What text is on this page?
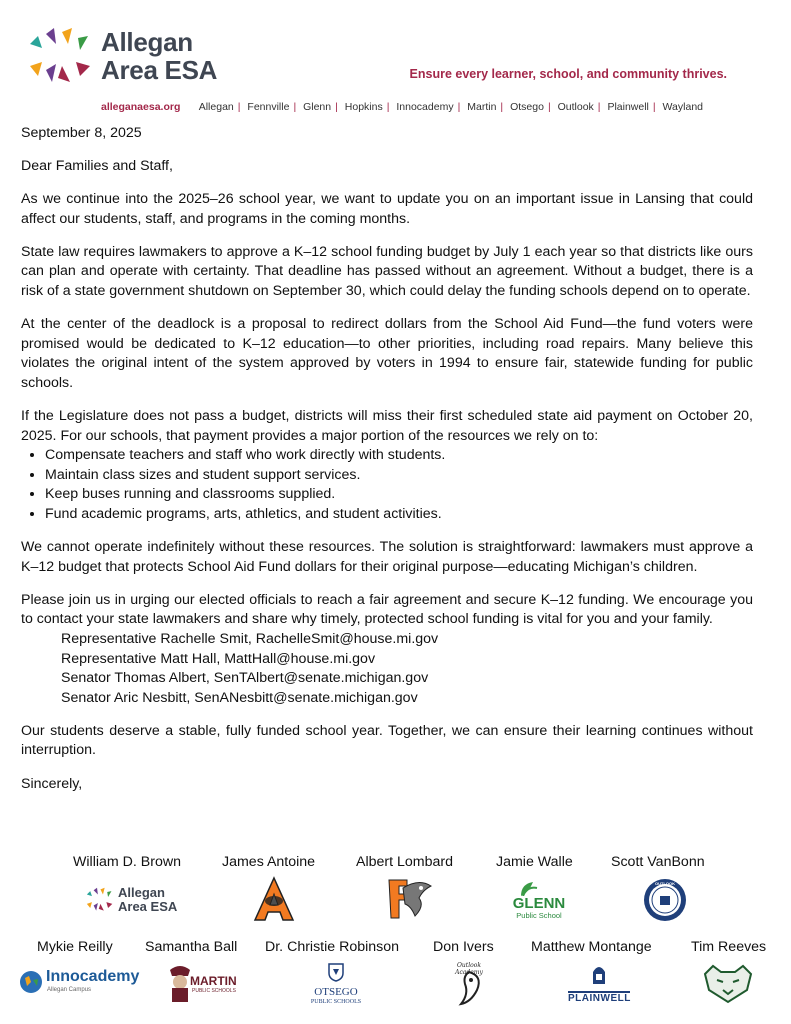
Allegan
Area ESA	Ensure every learner, school, and community thrives.
alleganaesa.org Allegan | Fennville | Glenn | Hopkins | Innocademy | Martin | Otsego | Outlook | Plainwell | Wayland

September 8, 2025

Dear Families and Staff,

As we continue into the 2025–26 school year, we want to update you on an important issue in Lansing that could affect our students, staff, and programs in the coming months.

State law requires lawmakers to approve a K–12 school funding budget by July 1 each year so that districts like ours can plan and operate with certainty. That deadline has passed without an agreement. Without a budget, there is a risk of a state government shutdown on September 30, which could delay the funding schools depend on to operate.

At the center of the deadlock is a proposal to redirect dollars from the School Aid Fund—the fund voters were promised would be dedicated to K–12 education—to other priorities, including road repairs. Many believe this violates the original intent of the system approved by voters in 1994 to ensure fair, statewide funding for public schools.

If the Legislature does not pass a budget, districts will miss their first scheduled state aid payment on October 20, 2025. For our schools, that payment provides a major portion of the resources we rely on to:

• Compensate teachers and staff who work directly with students.
• Maintain class sizes and student support services.
• Keep buses running and classrooms supplied.
• Fund academic programs, arts, athletics, and student activities.

We cannot operate indefinitely without these resources. The solution is straightforward: lawmakers must approve a K–12 budget that protects School Aid Fund dollars for their original purpose—educating Michigan’s children.

Please join us in urging our elected officials to reach a fair agreement and secure K–12 funding. We encourage you to contact your state lawmakers and share why timely, protected school funding is vital for you and your family.

Representative Rachelle Smit, RachelleSmit@house.mi.gov
Representative Matt Hall, MattHall@house.mi.gov
Senator Thomas Albert, SenTAlbert@senate.michigan.gov
Senator Aric Nesbitt, SenANesbitt@senate.michigan.gov

Our students deserve a stable, fully funded school year. Together, we can ensure their learning continues without interruption.

Sincerely,

William D. Brown	James Antoine	Albert Lombard	Jamie Walle	Scott VanBonn
Allegan
Area ESA	GLENN
Public School
OUTLOOK
Mykie Reilly Samantha Ball Dr. Christie Robinson Don Ivers	Matthew Montange	Tim Reeves
Innocademy
Allegan Campus
MARTIN
PUBLIC SCHOOLS	OTSEGO
PUBLIC SCHOOLS
Outlook Academy
PLAINWELL
